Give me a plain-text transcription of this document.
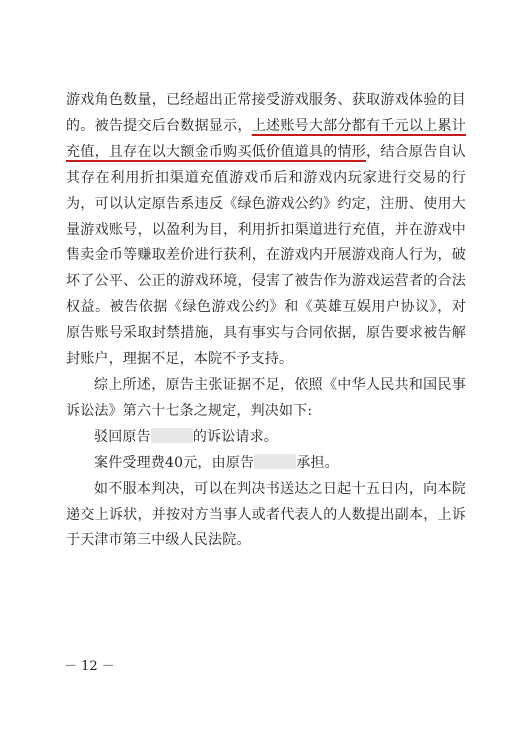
游戏角色数量，已经超出正常接受游戏服务、获取游戏体验的目的。被告提交后台数据显示，上述账号大部分都有千元以上累计充值，且存在以大额金币购买低价值道具的情形，结合原告自认其存在利用折扣渠道充值游戏币后和游戏内玩家进行交易的行为，可以认定原告系违反《绿色游戏公约》约定，注册、使用大量游戏账号，以盈利为目，利用折扣渠道进行充值，并在游戏中售卖金币等赚取差价进行获利，在游戏内开展游戏商人行为，破坏了公平、公正的游戏环境，侵害了被告作为游戏运营者的合法权益。被告依据《绿色游戏公约》和《英雄互娱用户协议》，对原告账号采取封禁措施，具有事实与合同依据，原告要求被告解封账户，理据不足，本院不予支持。

综上所述，原告主张证据不足，依照《中华人民共和国民事诉讼法》第六十七条之规定，判决如下:

驳回原告	的诉讼请求。

案件受理费40元，由原告	承担。

如不服本判决，可以在判决书送达之日起十五日内，向本院递交上诉状，并按对方当事人或者代表人的人数提出副本，上诉于天津市第三中级人民法院。

－ 12 －
